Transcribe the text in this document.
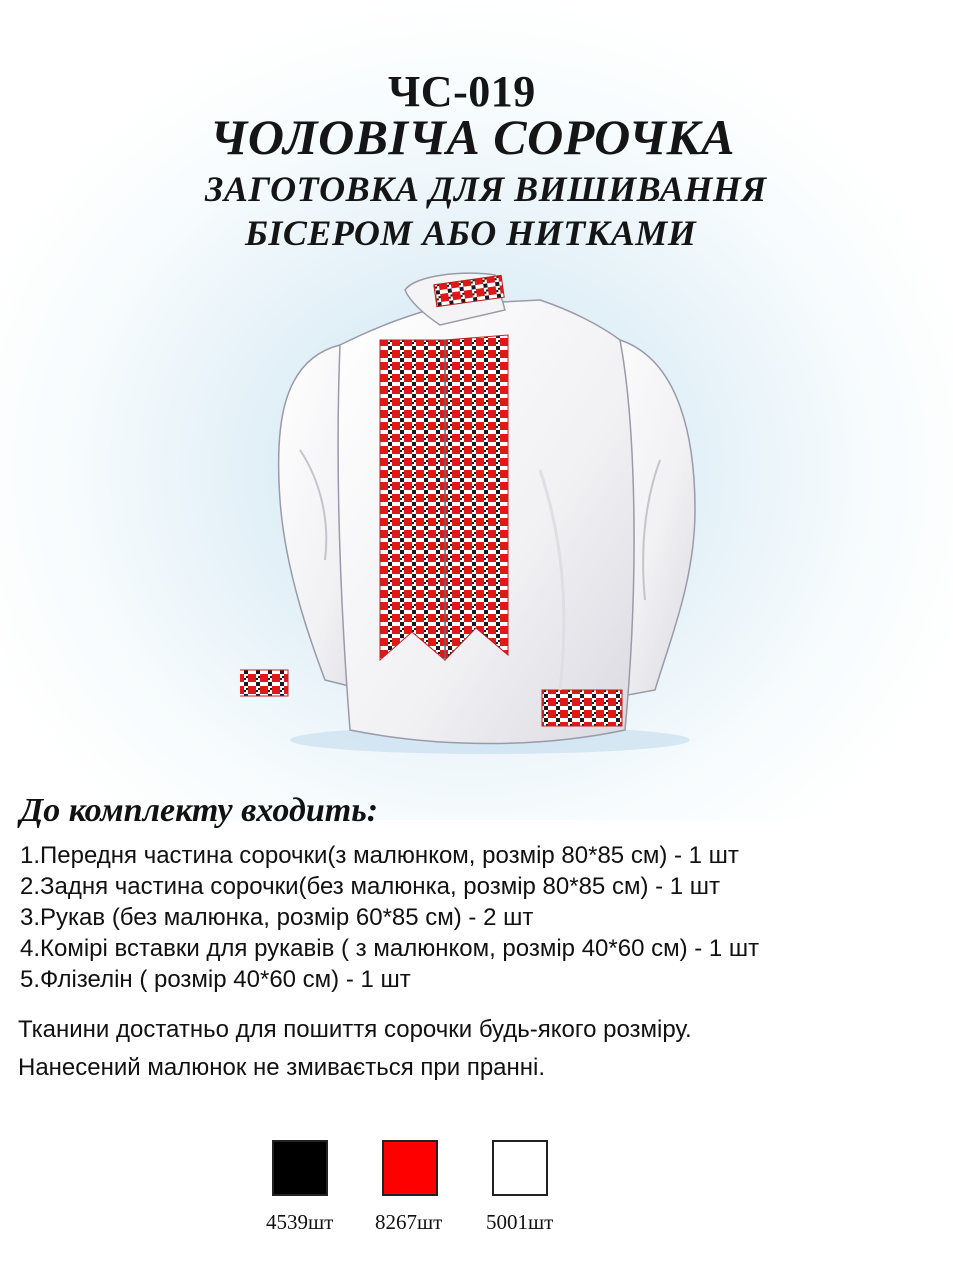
ЧС-019
ЧОЛОВІЧА СОРОЧКА
ЗАГОТОВКА ДЛЯ ВИШИВАННЯ
БІСЕРОМ АБО НИТКАМИ
До комплекту входить:
1.Передня частина сорочки(з малюнком, розмір 80*85 см) - 1 шт
2.Задня частина сорочки(без малюнка, розмір 80*85 см) - 1 шт
3.Рукав (без малюнка, розмір 60*85 см) - 2 шт
4.Комірі вставки для рукавів ( з малюнком, розмір 40*60 см) - 1 шт
5.Флізелін ( розмір 40*60 см) - 1 шт
Тканини достатньо для пошиття сорочки будь-якого розміру.
Нанесений малюнок не змивається при пранні.
4539шт 8267шт 5001шт
